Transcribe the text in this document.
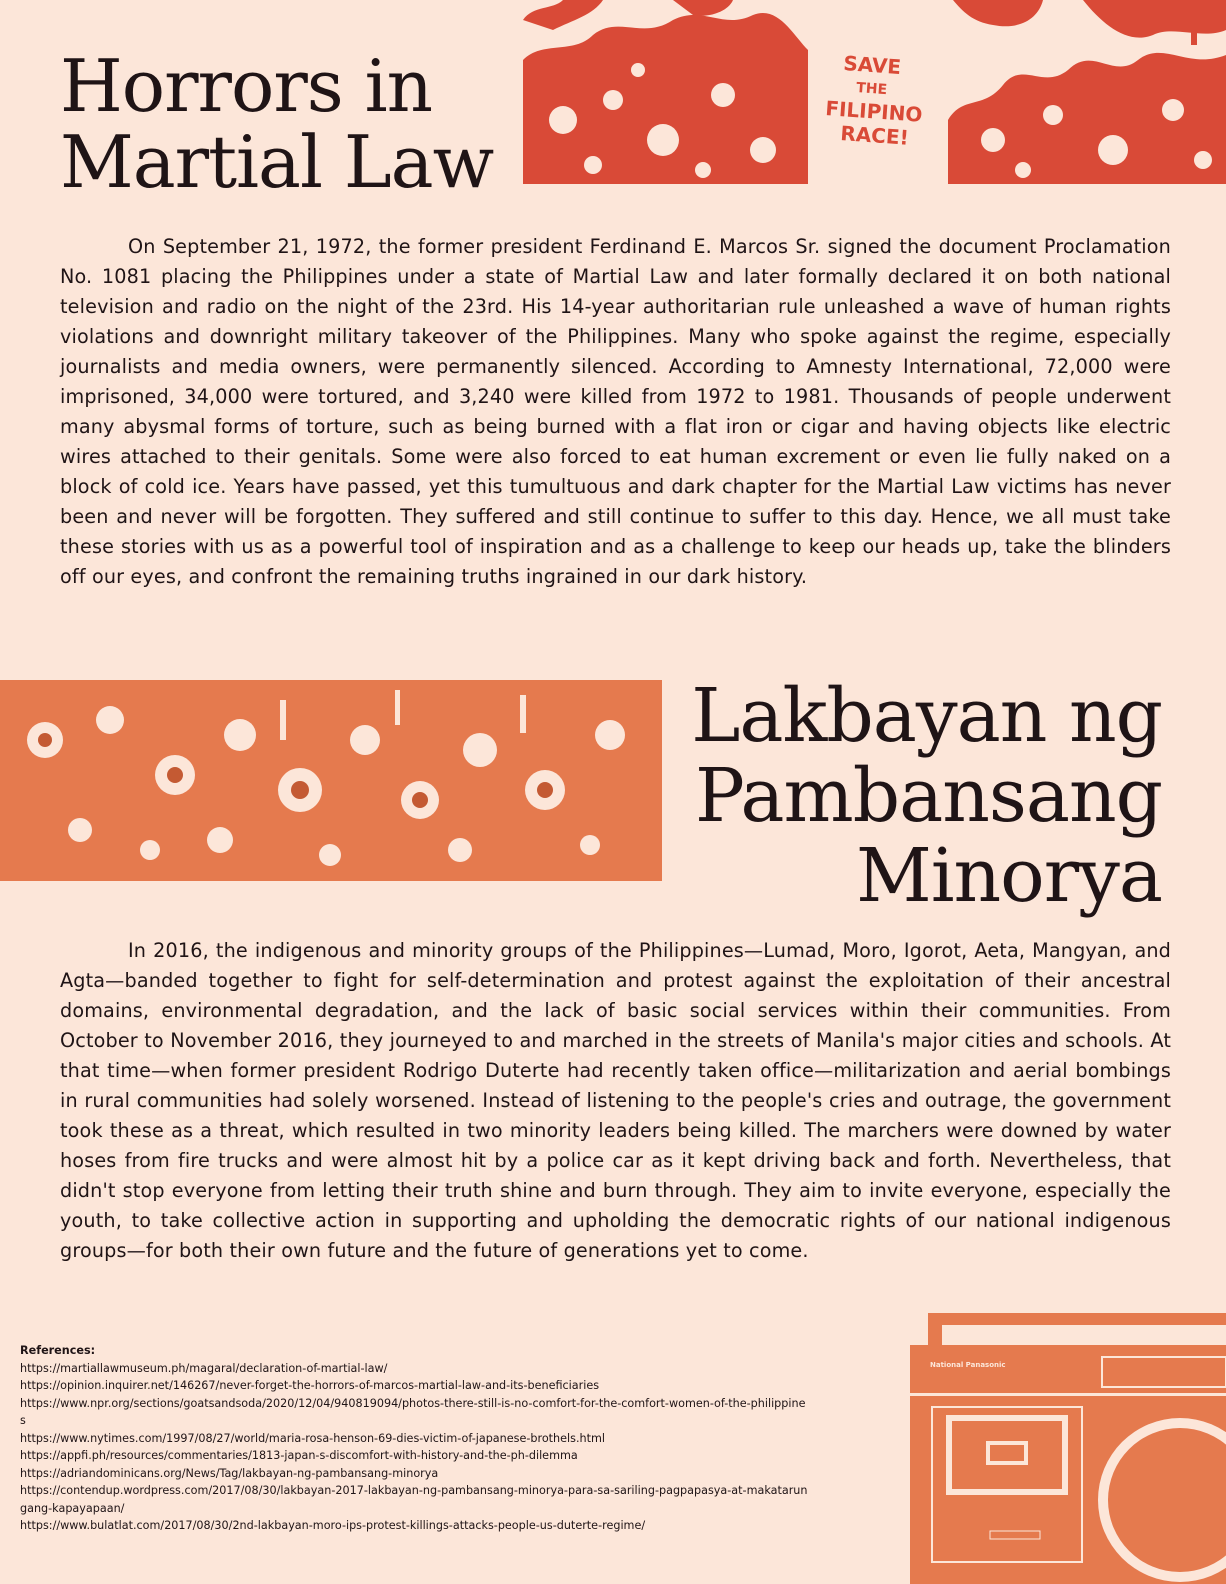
SAVE
THE
FILIPINO
RACE!
Horrors in Martial Law

On September 21, 1972, the former president Ferdinand E. Marcos Sr. signed the document Proclamation No. 1081 placing the Philippines under a state of Martial Law and later formally declared it on both national television and radio on the night of the 23rd. His 14-year authoritarian rule unleashed a wave of human rights violations and downright military takeover of the Philippines. Many who spoke against the regime, especially journalists and media owners, were permanently silenced. According to Amnesty International, 72,000 were imprisoned, 34,000 were tortured, and 3,240 were killed from 1972 to 1981. Thousands of people underwent many abysmal forms of torture, such as being burned with a flat iron or cigar and having objects like electric wires attached to their genitals. Some were also forced to eat human excrement or even lie fully naked on a block of cold ice. Years have passed, yet this tumultuous and dark chapter for the Martial Law victims has never been and never will be forgotten. They suffered and still continue to suffer to this day. Hence, we all must take these stories with us as a powerful tool of inspiration and as a challenge to keep our heads up, take the blinders off our eyes, and confront the remaining truths ingrained in our dark history.

Lakbayan ng Pambansang Minorya

In 2016, the indigenous and minority groups of the Philippines—Lumad, Moro, Igorot, Aeta, Mangyan, and Agta—banded together to fight for self-determination and protest against the exploitation of their ancestral domains, environmental degradation, and the lack of basic social services within their communities. From October to November 2016, they journeyed to and marched in the streets of Manila's major cities and schools. At that time—when former president Rodrigo Duterte had recently taken office—militarization and aerial bombings in rural communities had solely worsened. Instead of listening to the people's cries and outrage, the government took these as a threat, which resulted in two minority leaders being killed. The marchers were downed by water hoses from fire trucks and were almost hit by a police car as it kept driving back and forth. Nevertheless, that didn't stop everyone from letting their truth shine and burn through. They aim to invite everyone, especially the youth, to take collective action in supporting and upholding the democratic rights of our national indigenous groups—for both their own future and the future of generations yet to come.

References:
https://martiallawmuseum.ph/magaral/declaration-of-martial-law/
https://opinion.inquirer.net/146267/never-forget-the-horrors-of-marcos-martial-law-and-its-beneficiaries
https://www.npr.org/sections/goatsandsoda/2020/12/04/940819094/photos-there-still-is-no-comfort-for-the-comfort-women-of-the-philippines
https://www.nytimes.com/1997/08/27/world/maria-rosa-henson-69-dies-victim-of-japanese-brothels.html
https://appfi.ph/resources/commentaries/1813-japan-s-discomfort-with-history-and-the-ph-dilemma
https://adriandominicans.org/News/Tag/lakbayan-ng-pambansang-minorya
https://contendup.wordpress.com/2017/08/30/lakbayan-2017-lakbayan-ng-pambansang-minorya-para-sa-sariling-pagpapasya-at-makatarungang-kapayapaan/
https://www.bulatlat.com/2017/08/30/2nd-lakbayan-moro-ips-protest-killings-attacks-people-us-duterte-regime/
National Panasonic
